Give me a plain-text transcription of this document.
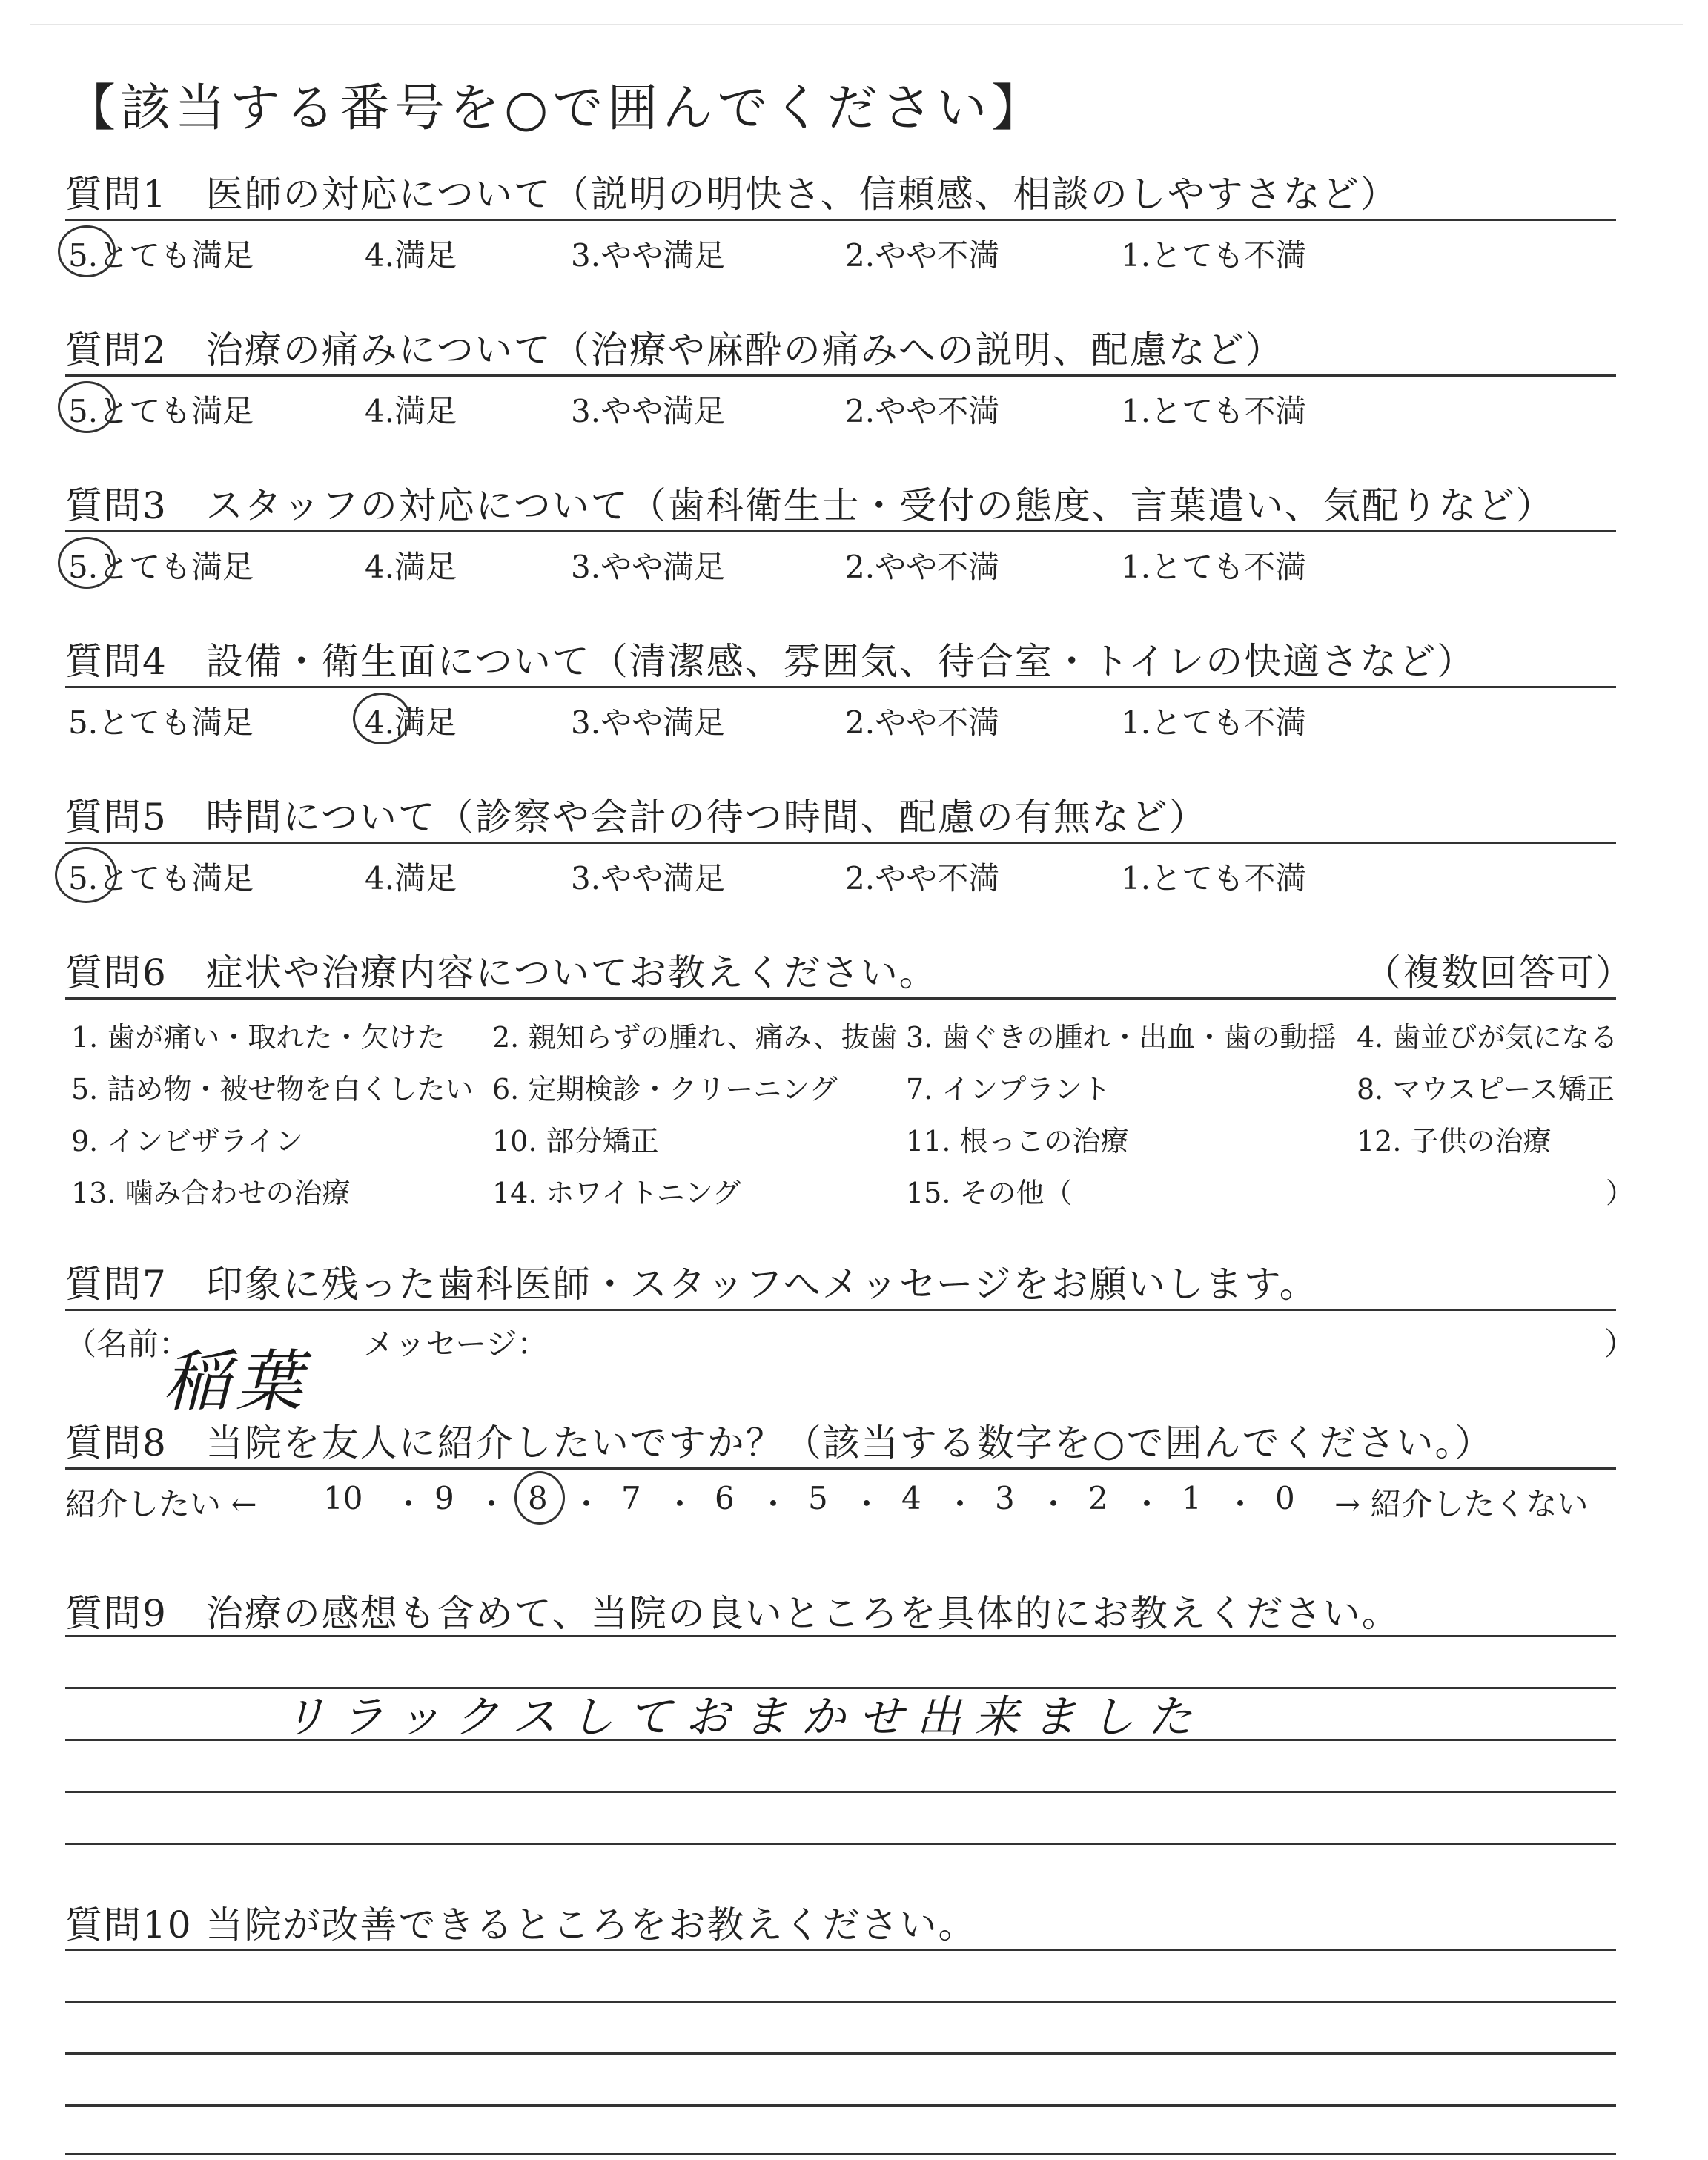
【該当する番号を○で囲んでください】
質問1　医師の対応について（説明の明快さ、信頼感、相談のしやすさなど）
5.とても満足	4.満足	3.やや満足	2.やや不満	1.とても不満
質問2　治療の痛みについて（治療や麻酔の痛みへの説明、配慮など）
5.とても満足	4.満足	3.やや満足	2.やや不満	1.とても不満
質問3　スタッフの対応について（歯科衛生士・受付の態度、言葉遣い、気配りなど）
5.とても満足	4.満足	3.やや満足	2.やや不満	1.とても不満
質問4　設備・衛生面について（清潔感、雰囲気、待合室・トイレの快適さなど）
5.とても満足	4.満足	3.やや満足	2.やや不満	1.とても不満
質問5　時間について（診察や会計の待つ時間、配慮の有無など）
5.とても満足	4.満足	3.やや満足	2.やや不満	1.とても不満
質問6　症状や治療内容についてお教えください。	（複数回答可）
1. 歯が痛い・取れた・欠けた 2. 親知らずの腫れ、痛み、抜歯 3. 歯ぐきの腫れ・出血・歯の動揺 4. 歯並びが気になる
5. 詰め物・被せ物を白くしたい 6. 定期検診・クリーニング 7. インプラント	8. マウスピース矯正
9. インビザライン	10. 部分矯正	11. 根っこの治療	12. 子供の治療
13. 噛み合わせの治療	14. ホワイトニング	15. その他（	）
質問7　印象に残った歯科医師・スタッフへメッセージをお願いします。
（名前：
稲葉 メッセージ：	）
質問8　当院を友人に紹介したいですか？（該当する数字を○で囲んでください。）
紹介したい ← 10 ・ 9 ・ 8 ・ 7 ・ 6 ・ 5 ・ 4 ・ 3 ・ 2 ・ 1 ・ 0 → 紹介したくない
質問9　治療の感想も含めて、当院の良いところを具体的にお教えください。
リラックスしておまかせ出来ました
質問10 当院が改善できるところをお教えください。
